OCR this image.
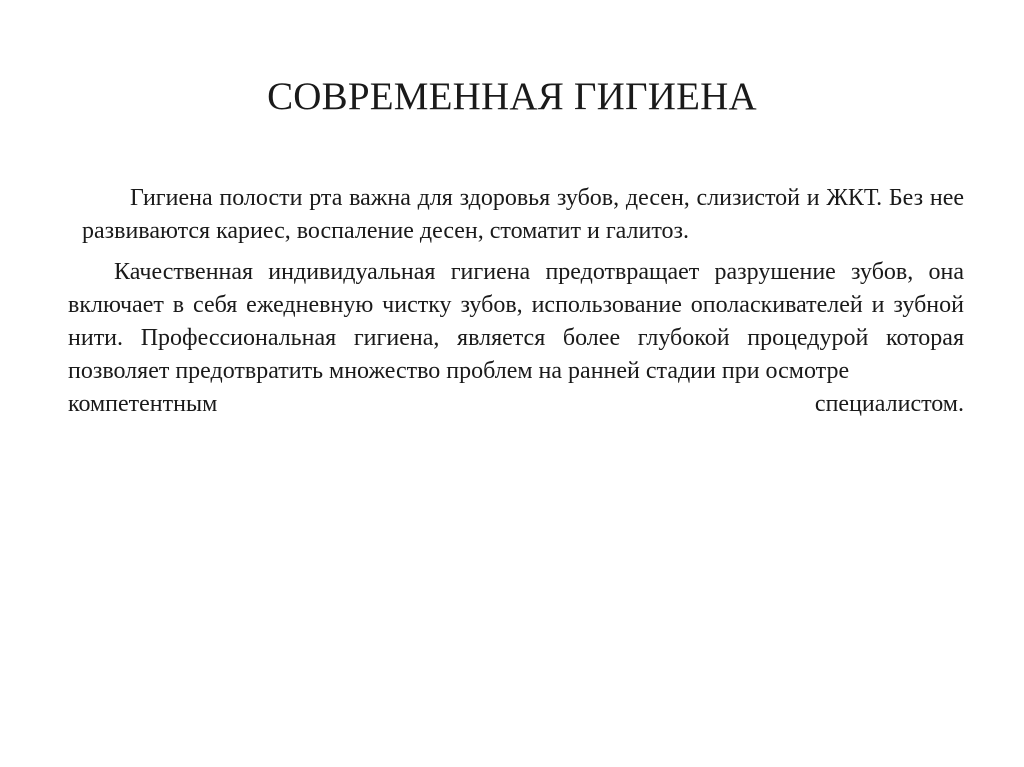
СОВРЕМЕННАЯ ГИГИЕНА

Гигиена полости рта важна для здоровья зубов, десен, слизистой и ЖКТ. Без нее развиваются кариес, воспаление десен, стоматит и галитоз.

Качественная индивидуальная гигиена предотвращает разрушение зубов, она включает в себя ежедневную чистку зубов, использование ополаскивателей и зубной нити. Профессиональная гигиена, является более глубокой процедурой которая позволяет предотвратить множество проблем на ранней стадии при осмотре

компетентным	специалистом.
